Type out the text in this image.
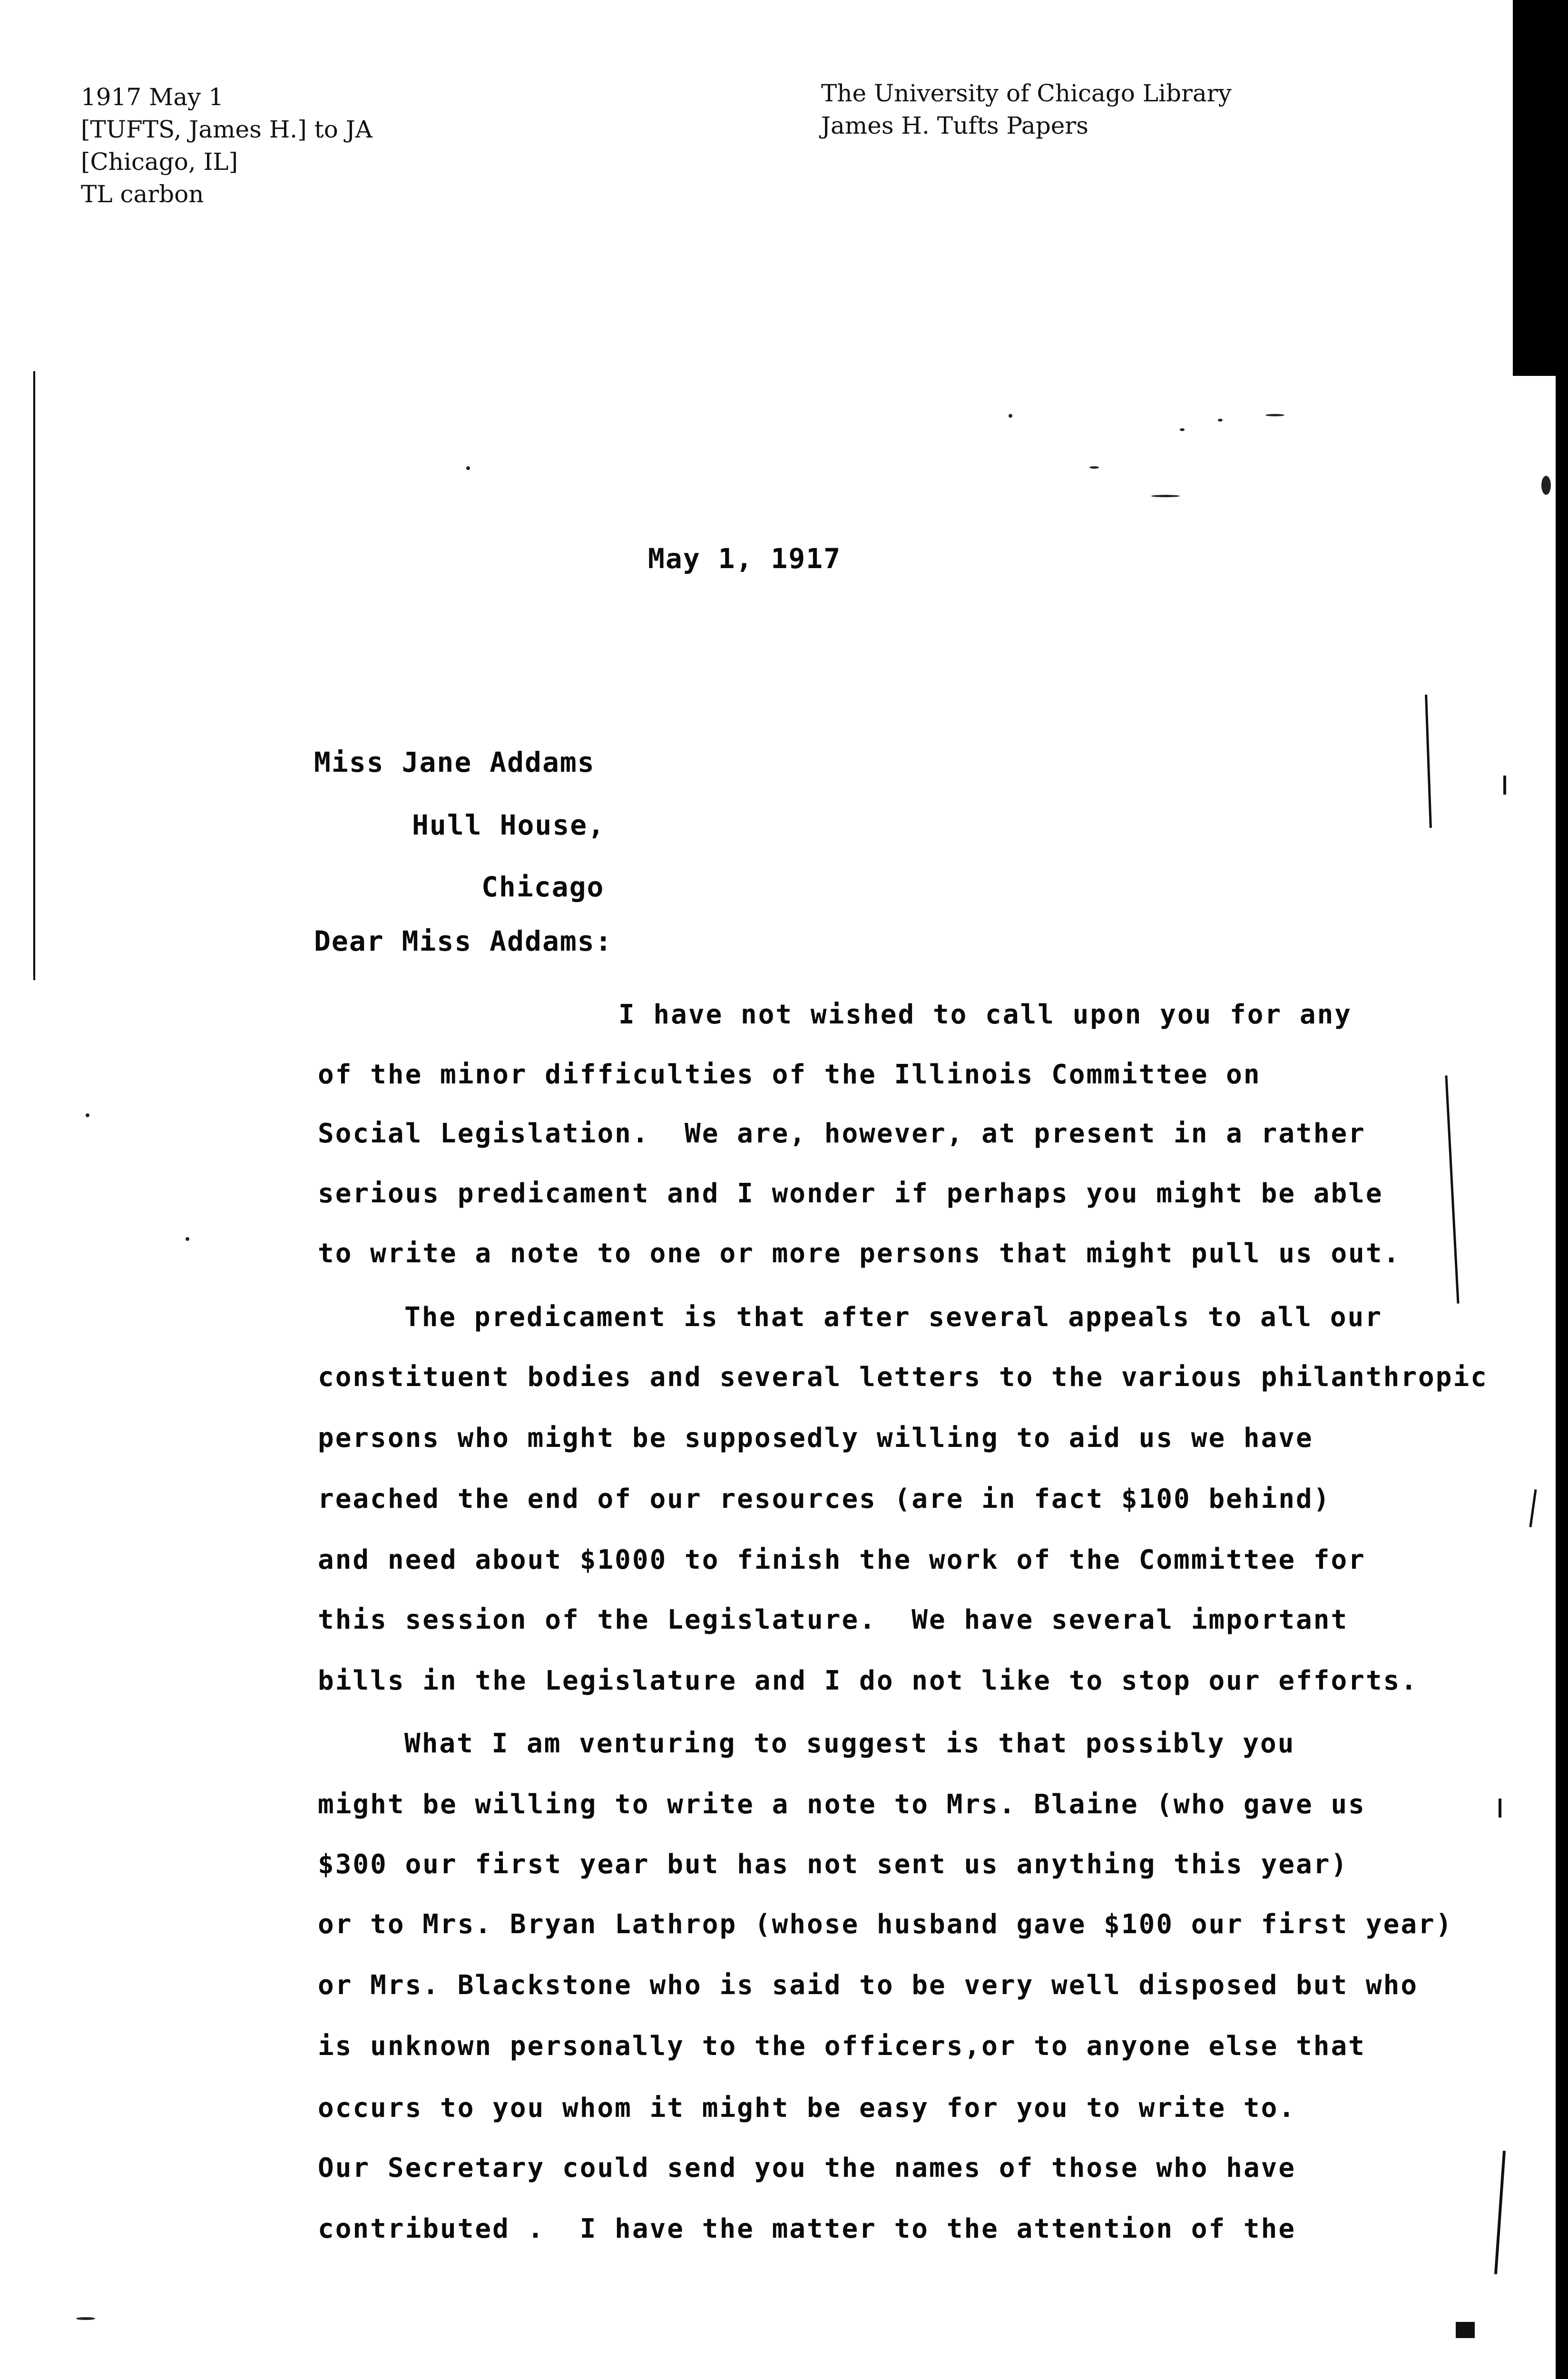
1917 May 1
[TUFTS, James H.] to JA
[Chicago, IL]
TL carbon
The University of Chicago Library
James H. Tufts Papers
May 1, 1917
Miss Jane Addams
Hull House,
Chicago
Dear Miss Addams:
I have not wished to call upon you for any
of the minor difficulties of the Illinois Committee on
Social Legislation.  We are, however, at present in a rather
serious predicament and I wonder if perhaps you might be able
to write a note to one or more persons that might pull us out.
The predicament is that after several appeals to all our
constituent bodies and several letters to the various philanthropic
persons who might be supposedly willing to aid us we have
reached the end of our resources (are in fact $100 behind)
and need about $1000 to finish the work of the Committee for
this session of the Legislature.  We have several important
bills in the Legislature and I do not like to stop our efforts.
What I am venturing to suggest is that possibly you
might be willing to write a note to Mrs. Blaine (who gave us
$300 our first year but has not sent us anything this year)
or to Mrs. Bryan Lathrop (whose husband gave $100 our first year)
or Mrs. Blackstone who is said to be very well disposed but who
is unknown personally to the officers,or to anyone else that
occurs to you whom it might be easy for you to write to.
Our Secretary could send you the names of those who have
contributed .  I have the matter to the attention of the
